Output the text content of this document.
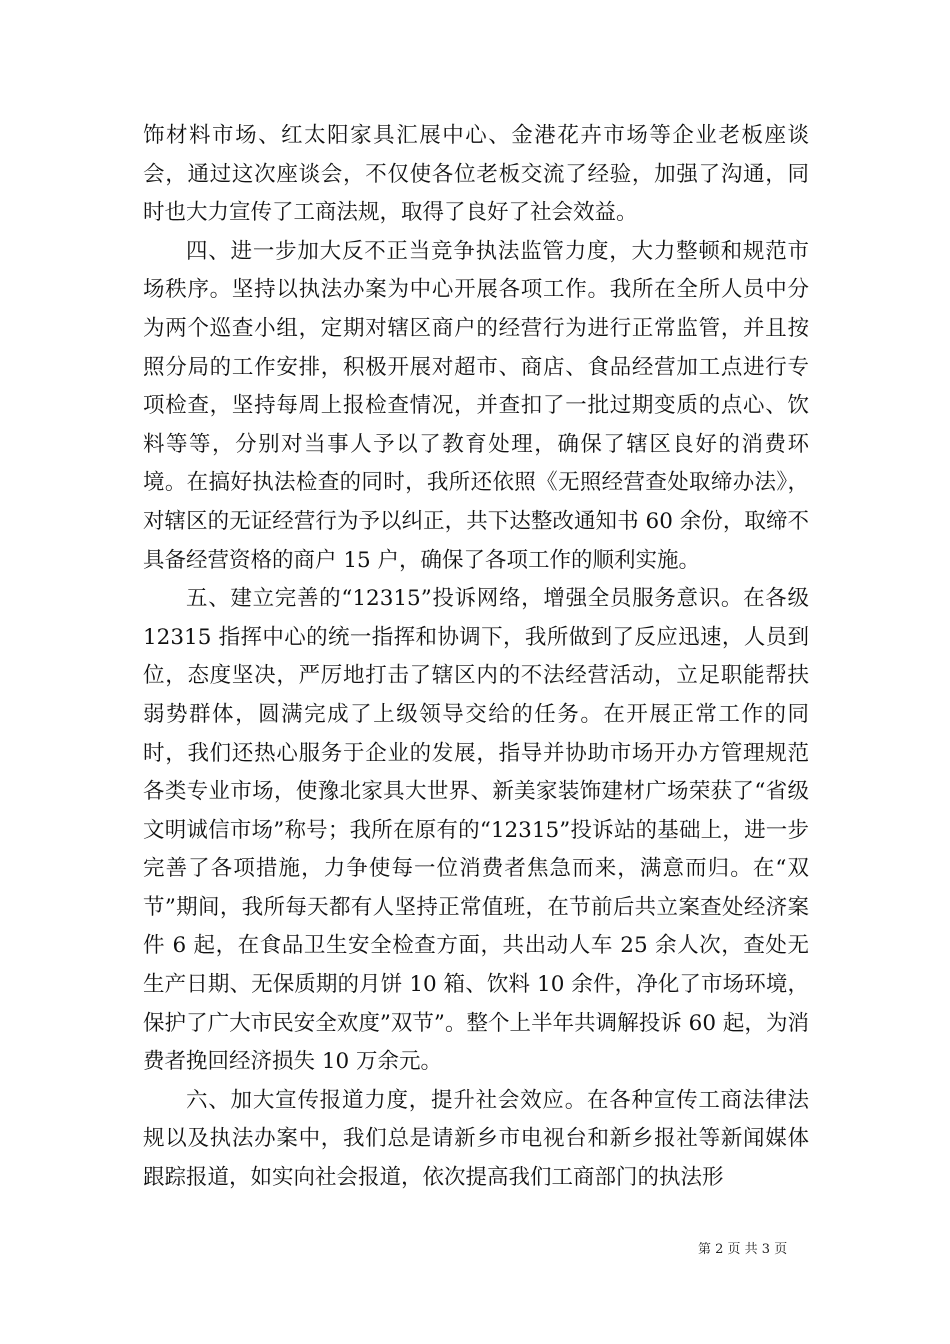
饰材料市场、红太阳家具汇展中心、金港花卉市场等企业老板座谈会，通过这次座谈会，不仅使各位老板交流了经验，加强了沟通，同时也大力宣传了工商法规，取得了良好了社会效益。

四、进一步加大反不正当竞争执法监管力度，大力整顿和规范市场秩序。坚持以执法办案为中心开展各项工作。我所在全所人员中分为两个巡查小组，定期对辖区商户的经营行为进行正常监管，并且按照分局的工作安排，积极开展对超市、商店、食品经营加工点进行专项检查，坚持每周上报检查情况，并查扣了一批过期变质的点心、饮料等等，分别对当事人予以了教育处理，确保了辖区良好的消费环境。在搞好执法检查的同时，我所还依照《无照经营查处取缔办法》，对辖区的无证经营行为予以纠正，共下达整改通知书 60 余份，取缔不具备经营资格的商户 15 户，确保了各项工作的顺利实施。

五、建立完善的“12315”投诉网络，增强全员服务意识。在各级 12315 指挥中心的统一指挥和协调下，我所做到了反应迅速，人员到位，态度坚决，严厉地打击了辖区内的不法经营活动，立足职能帮扶弱势群体，圆满完成了上级领导交给的任务。在开展正常工作的同时，我们还热心服务于企业的发展，指导并协助市场开办方管理规范各类专业市场，使豫北家具大世界、新美家装饰建材广场荣获了“省级文明诚信市场”称号；我所在原有的“12315”投诉站的基础上，进一步完善了各项措施，力争使每一位消费者焦急而来，满意而归。在“双节”期间，我所每天都有人坚持正常值班，在节前后共立案查处经济案件 6 起，在食品卫生安全检查方面，共出动人车 25 余人次，查处无生产日期、无保质期的月饼 10 箱、饮料 10 余件，净化了市场环境，保护了广大市民安全欢度”双节”。整个上半年共调解投诉 60 起，为消费者挽回经济损失 10 万余元。

六、加大宣传报道力度，提升社会效应。在各种宣传工商法律法规以及执法办案中，我们总是请新乡市电视台和新乡报社等新闻媒体跟踪报道，如实向社会报道，依次提高我们工商部门的执法形

第 2 页 共 3 页
